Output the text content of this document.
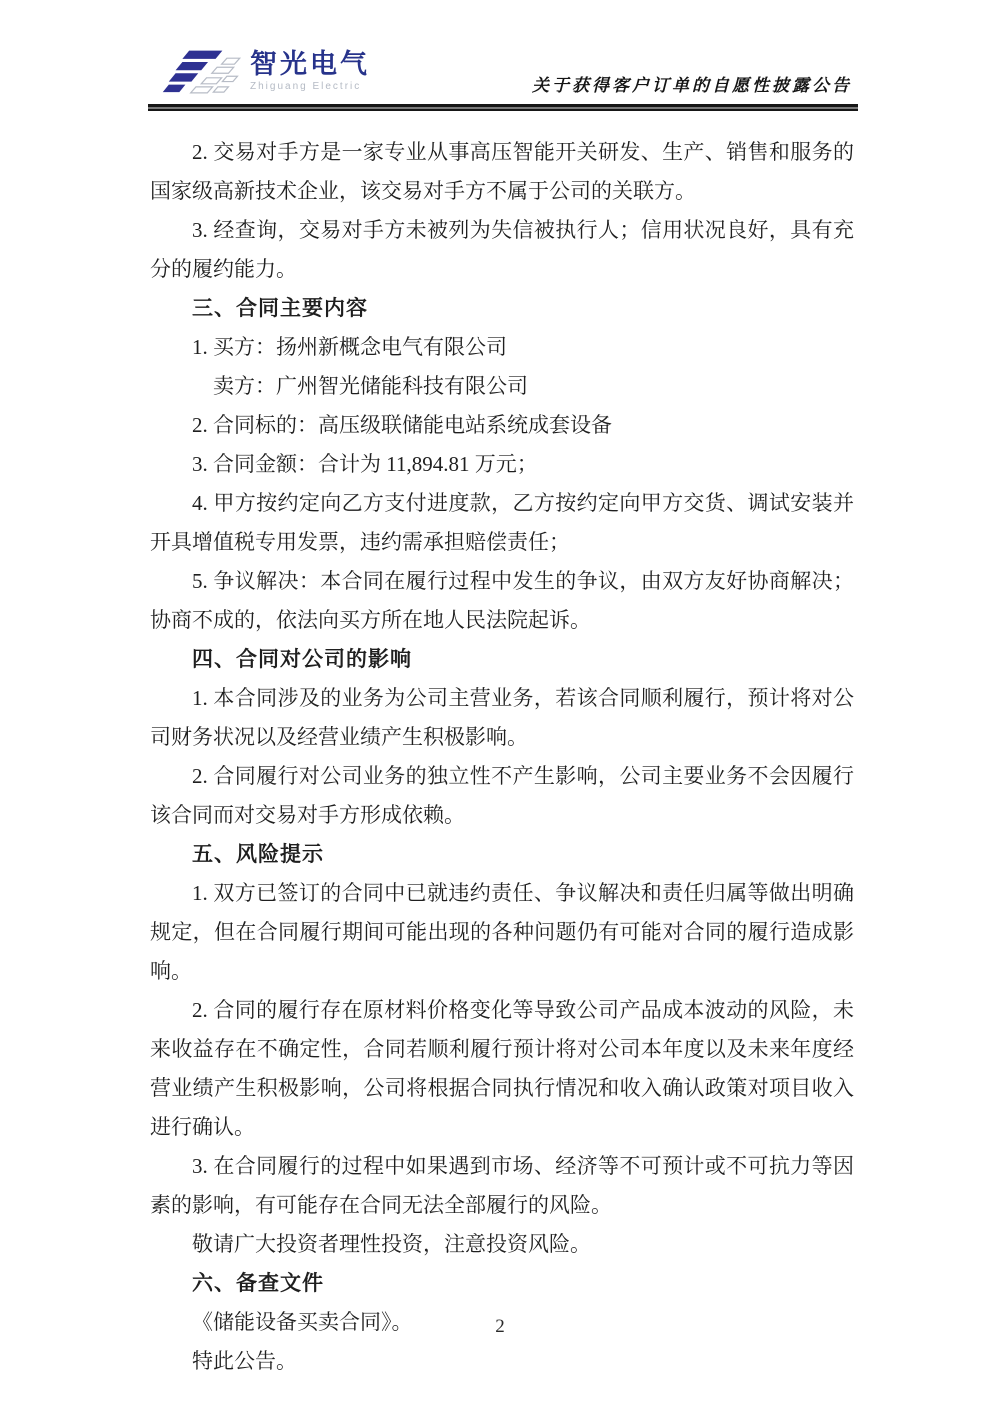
智光电气
Zhiguang Electric	关于获得客户订单的自愿性披露公告

2. 交易对手方是一家专业从事高压智能开关研发、生产、销售和服务的国家级高新技术企业，该交易对手方不属于公司的关联方。

3. 经查询，交易对手方未被列为失信被执行人；信用状况良好，具有充分的履约能力。

三、合同主要内容

1. 买方：扬州新概念电气有限公司

卖方：广州智光储能科技有限公司

2. 合同标的：高压级联储能电站系统成套设备

3. 合同金额：合计为 11,894.81 万元；

4. 甲方按约定向乙方支付进度款，乙方按约定向甲方交货、调试安装并开具增值税专用发票，违约需承担赔偿责任；

5. 争议解决：本合同在履行过程中发生的争议，由双方友好协商解决；协商不成的，依法向买方所在地人民法院起诉。

四、合同对公司的影响

1. 本合同涉及的业务为公司主营业务，若该合同顺利履行，预计将对公司财务状况以及经营业绩产生积极影响。

2. 合同履行对公司业务的独立性不产生影响，公司主要业务不会因履行该合同而对交易对手方形成依赖。

五、风险提示

1. 双方已签订的合同中已就违约责任、争议解决和责任归属等做出明确规定，但在合同履行期间可能出现的各种问题仍有可能对合同的履行造成影响。

2. 合同的履行存在原材料价格变化等导致公司产品成本波动的风险，未来收益存在不确定性，合同若顺利履行预计将对公司本年度以及未来年度经营业绩产生积极影响，公司将根据合同执行情况和收入确认政策对项目收入进行确认。

3. 在合同履行的过程中如果遇到市场、经济等不可预计或不可抗力等因素的影响，有可能存在合同无法全部履行的风险。

敬请广大投资者理性投资，注意投资风险。

六、备查文件

《储能设备买卖合同》。

特此公告。

2
